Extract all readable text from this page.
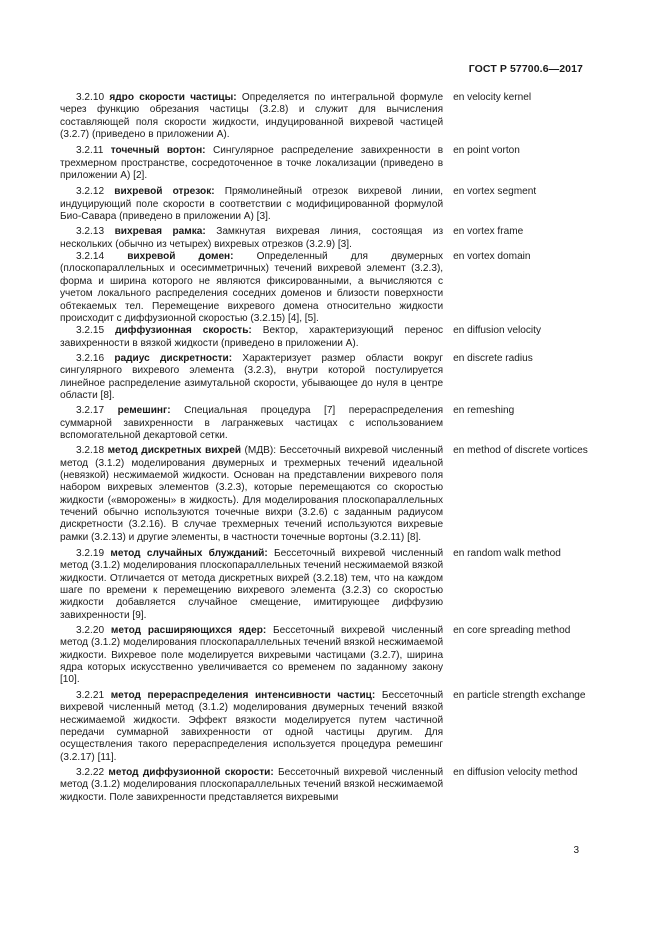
ГОСТ Р 57700.6—2017
3.2.10 ядро скорости частицы: Определяется по интегральной формуле через функцию обрезания частицы (3.2.8) и служит для вычисления составляющей поля скорости жидкости, индуцированной вихревой частицей (3.2.7) (приведено в приложении А).
en velocity kernel
3.2.11 точечный вортон: Сингулярное распределение завихренности в трехмерном пространстве, сосредоточенное в точке локализации (приведено в приложении А) [2].
en point vorton
3.2.12 вихревой отрезок: Прямолинейный отрезок вихревой линии, индуцирующий поле скорости в соответствии с модифицированной формулой Био-Савара (приведено в приложении А) [3].
en vortex segment
3.2.13 вихревая рамка: Замкнутая вихревая линия, состоящая из нескольких (обычно из четырех) вихревых отрезков (3.2.9) [3].
en vortex frame
3.2.14 вихревой домен: Определенный для двумерных (плоскопараллельных и осесимметричных) течений вихревой элемент (3.2.3), форма и ширина которого не являются фиксированными, а вычисляются с учетом локального распределения соседних доменов и близости поверхности обтекаемых тел. Перемещение вихревого домена относительно жидкости происходит с диффузионной скоростью (3.2.15) [4], [5].
en vortex domain
3.2.15 диффузионная скорость: Вектор, характеризующий перенос завихренности в вязкой жидкости (приведено в приложении А).
en diffusion velocity
3.2.16 радиус дискретности: Характеризует размер области вокруг сингулярного вихревого элемента (3.2.3), внутри которой постулируется линейное распределение азимутальной скорости, убывающее до нуля в центре области [8].
en discrete radius
3.2.17 ремешинг: Специальная процедура [7] перераспределения суммарной завихренности в лагранжевых частицах с использованием вспомогательной декартовой сетки.
en remeshing
3.2.18 метод дискретных вихрей (МДВ): Бессеточный вихревой численный метод (3.1.2) моделирования двумерных и трехмерных течений идеальной (невязкой) несжимаемой жидкости. Основан на представлении вихревого поля набором вихревых элементов (3.2.3), которые перемещаются со скоростью жидкости («вморожены» в жидкость). Для моделирования плоскопараллельных течений обычно используются точечные вихри (3.2.6) с заданным радиусом дискретности (3.2.16). В случае трехмерных течений используются вихревые рамки (3.2.13) и другие элементы, в частности точечные вортоны (3.2.11) [8].
en method of discrete vortices
3.2.19 метод случайных блужданий: Бессеточный вихревой численный метод (3.1.2) моделирования плоскопараллельных течений несжимаемой вязкой жидкости. Отличается от метода дискретных вихрей (3.2.18) тем, что на каждом шаге по времени к перемещению вихревого элемента (3.2.3) со скоростью жидкости добавляется случайное смещение, имитирующее диффузию завихренности [9].
en random walk method
3.2.20 метод расширяющихся ядер: Бессеточный вихревой численный метод (3.1.2) моделирования плоскопараллельных течений вязкой несжимаемой жидкости. Вихревое поле моделируется вихревыми частицами (3.2.7), ширина ядра которых искусственно увеличивается со временем по заданному закону [10].
en core spreading method
3.2.21 метод перераспределения интенсивности частиц: Бессеточный вихревой численный метод (3.1.2) моделирования двумерных течений вязкой несжимаемой жидкости. Эффект вязкости моделируется путем частичной передачи суммарной завихренности от одной частицы другим. Для осуществления такого перераспределения используется процедура ремешинг (3.2.17) [11].
en particle strength exchange
3.2.22 метод диффузионной скорости: Бессеточный вихревой численный метод (3.1.2) моделирования плоскопараллельных течений вязкой несжимаемой жидкости. Поле завихренности представляется вихревыми
en diffusion velocity method
3
